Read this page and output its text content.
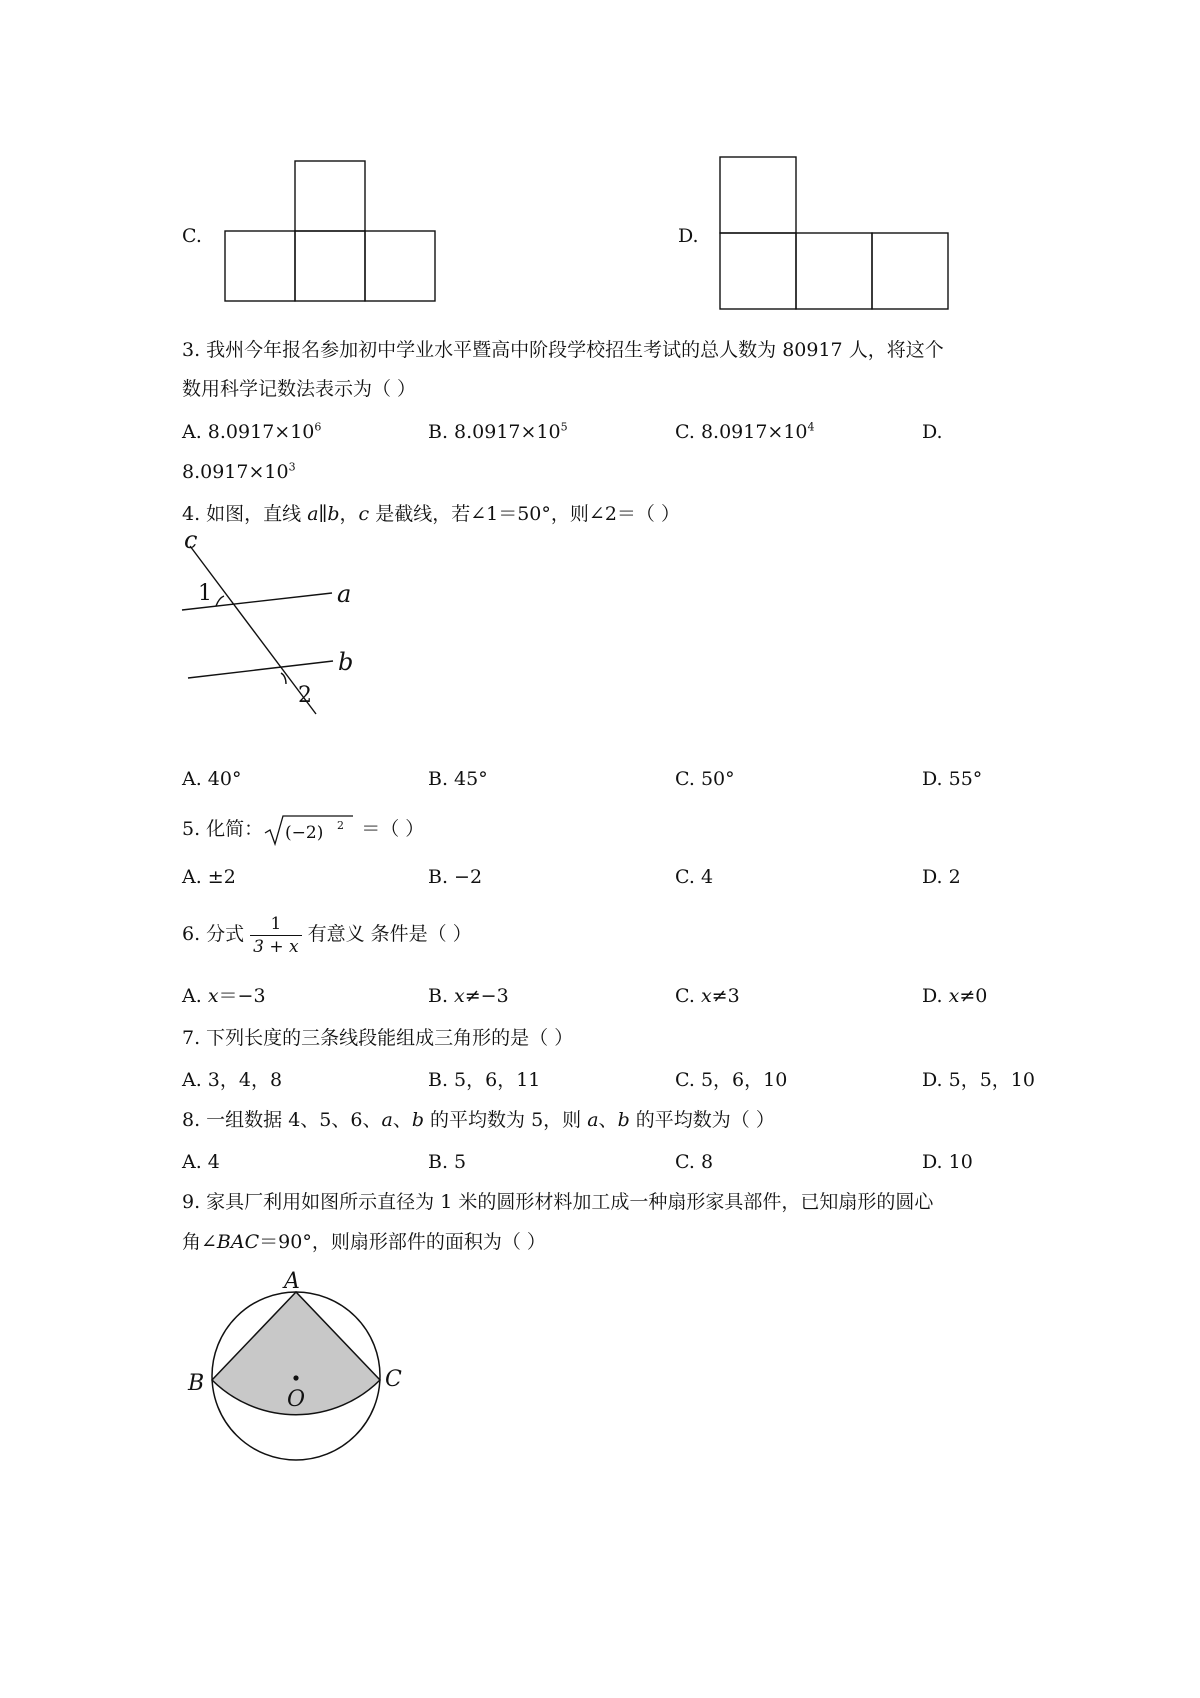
C.	D.
3. 我州今年报名参加初中学业水平暨高中阶段学校招生考试的总人数为 80917 人，将这个
数用科学记数法表示为（ ）
A. $8.0917\times 10^6$	B. $8.0917\times 10^5$	C. $8.0917\times 10^4$	D.
$8.0917\times 10^3$
4. 如图，直线 a∥b，c 是截线，若∠1＝50°，则∠2＝（ ）
c
1	a
b
2
A. 40°	B. 45°	C. 50°	D. 55°
5. 化简： (−2) 2 ＝（ ）
A. ±2	B. −2	C. 4	D. 2
6. 分式 $\frac{1}{3 + x}$ 有意义 条件是（ ）
A. x＝−3	B. x≠−3	C. x≠3	D. x≠0
7. 下列长度的三条线段能组成三角形的是（ ）
A. 3，4，8	B. 5，6，11	C. 5，6，10	D. 5，5，10
8. 一组数据 4、5、6、a、b 的平均数为 5，则 a、b 的平均数为（ ）
A. 4	B. 5	C. 8	D. 10
9. 家具厂利用如图所示直径为 1 米的圆形材料加工成一种扇形家具部件，已知扇形的圆心
角∠BAC＝90°，则扇形部件的面积为（ ）
A
B	C
O
